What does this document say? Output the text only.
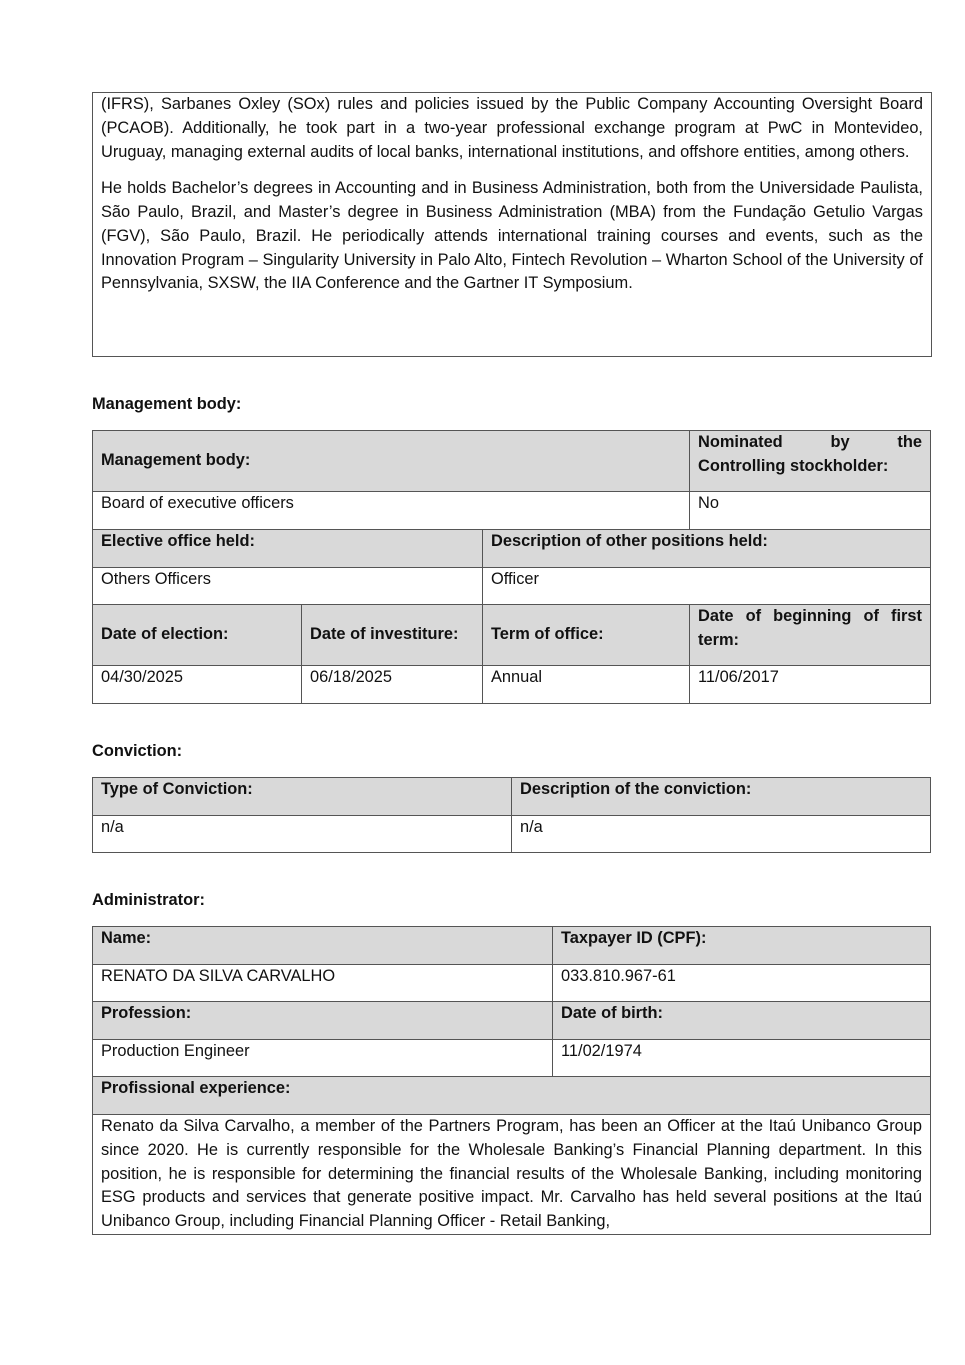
(IFRS), Sarbanes Oxley (SOx) rules and policies issued by the Public Company Accounting Oversight Board (PCAOB). Additionally, he took part in a two-year professional exchange program at PwC in Montevideo, Uruguay, managing external audits of local banks, international institutions, and offshore entities, among others.

He holds Bachelor’s degrees in Accounting and in Business Administration, both from the Universidade Paulista, São Paulo, Brazil, and Master’s degree in Business Administration (MBA) from the Fundação Getulio Vargas (FGV), São Paulo, Brazil. He periodically attends international training courses and events, such as the Innovation Program – Singularity University in Palo Alto, Fintech Revolution – Wharton School of the University of Pennsylvania, SXSW, the IIA Conference and the Gartner IT Symposium.

Management body:

Management body:			Nominated by the Controlling stockholder:
Board of executive officers			No
Elective office held:		Description of other positions held:	
Others Officers		Officer	
Date of election:	Date of investiture:	Term of office:	Date of beginning of first term:
04/30/2025	06/18/2025	Annual	11/06/2017

Conviction:

Type of Conviction:	Description of the conviction:
n/a	n/a

Administrator:

Name:	Taxpayer ID (CPF):
RENATO DA SILVA CARVALHO	033.810.967-61
Profession:	Date of birth:
Production Engineer	11/02/1974
Profissional experience:	
Renato da Silva Carvalho, a member of the Partners Program, has been an Officer at the Itaú Unibanco Group since 2020. He is currently responsible for the Wholesale Banking’s Financial Planning department. In this position, he is responsible for determining the financial results of the Wholesale Banking, including monitoring ESG products and services that generate positive impact. Mr. Carvalho has held several positions at the Itaú Unibanco Group, including Financial Planning Officer - Retail Banking,	
